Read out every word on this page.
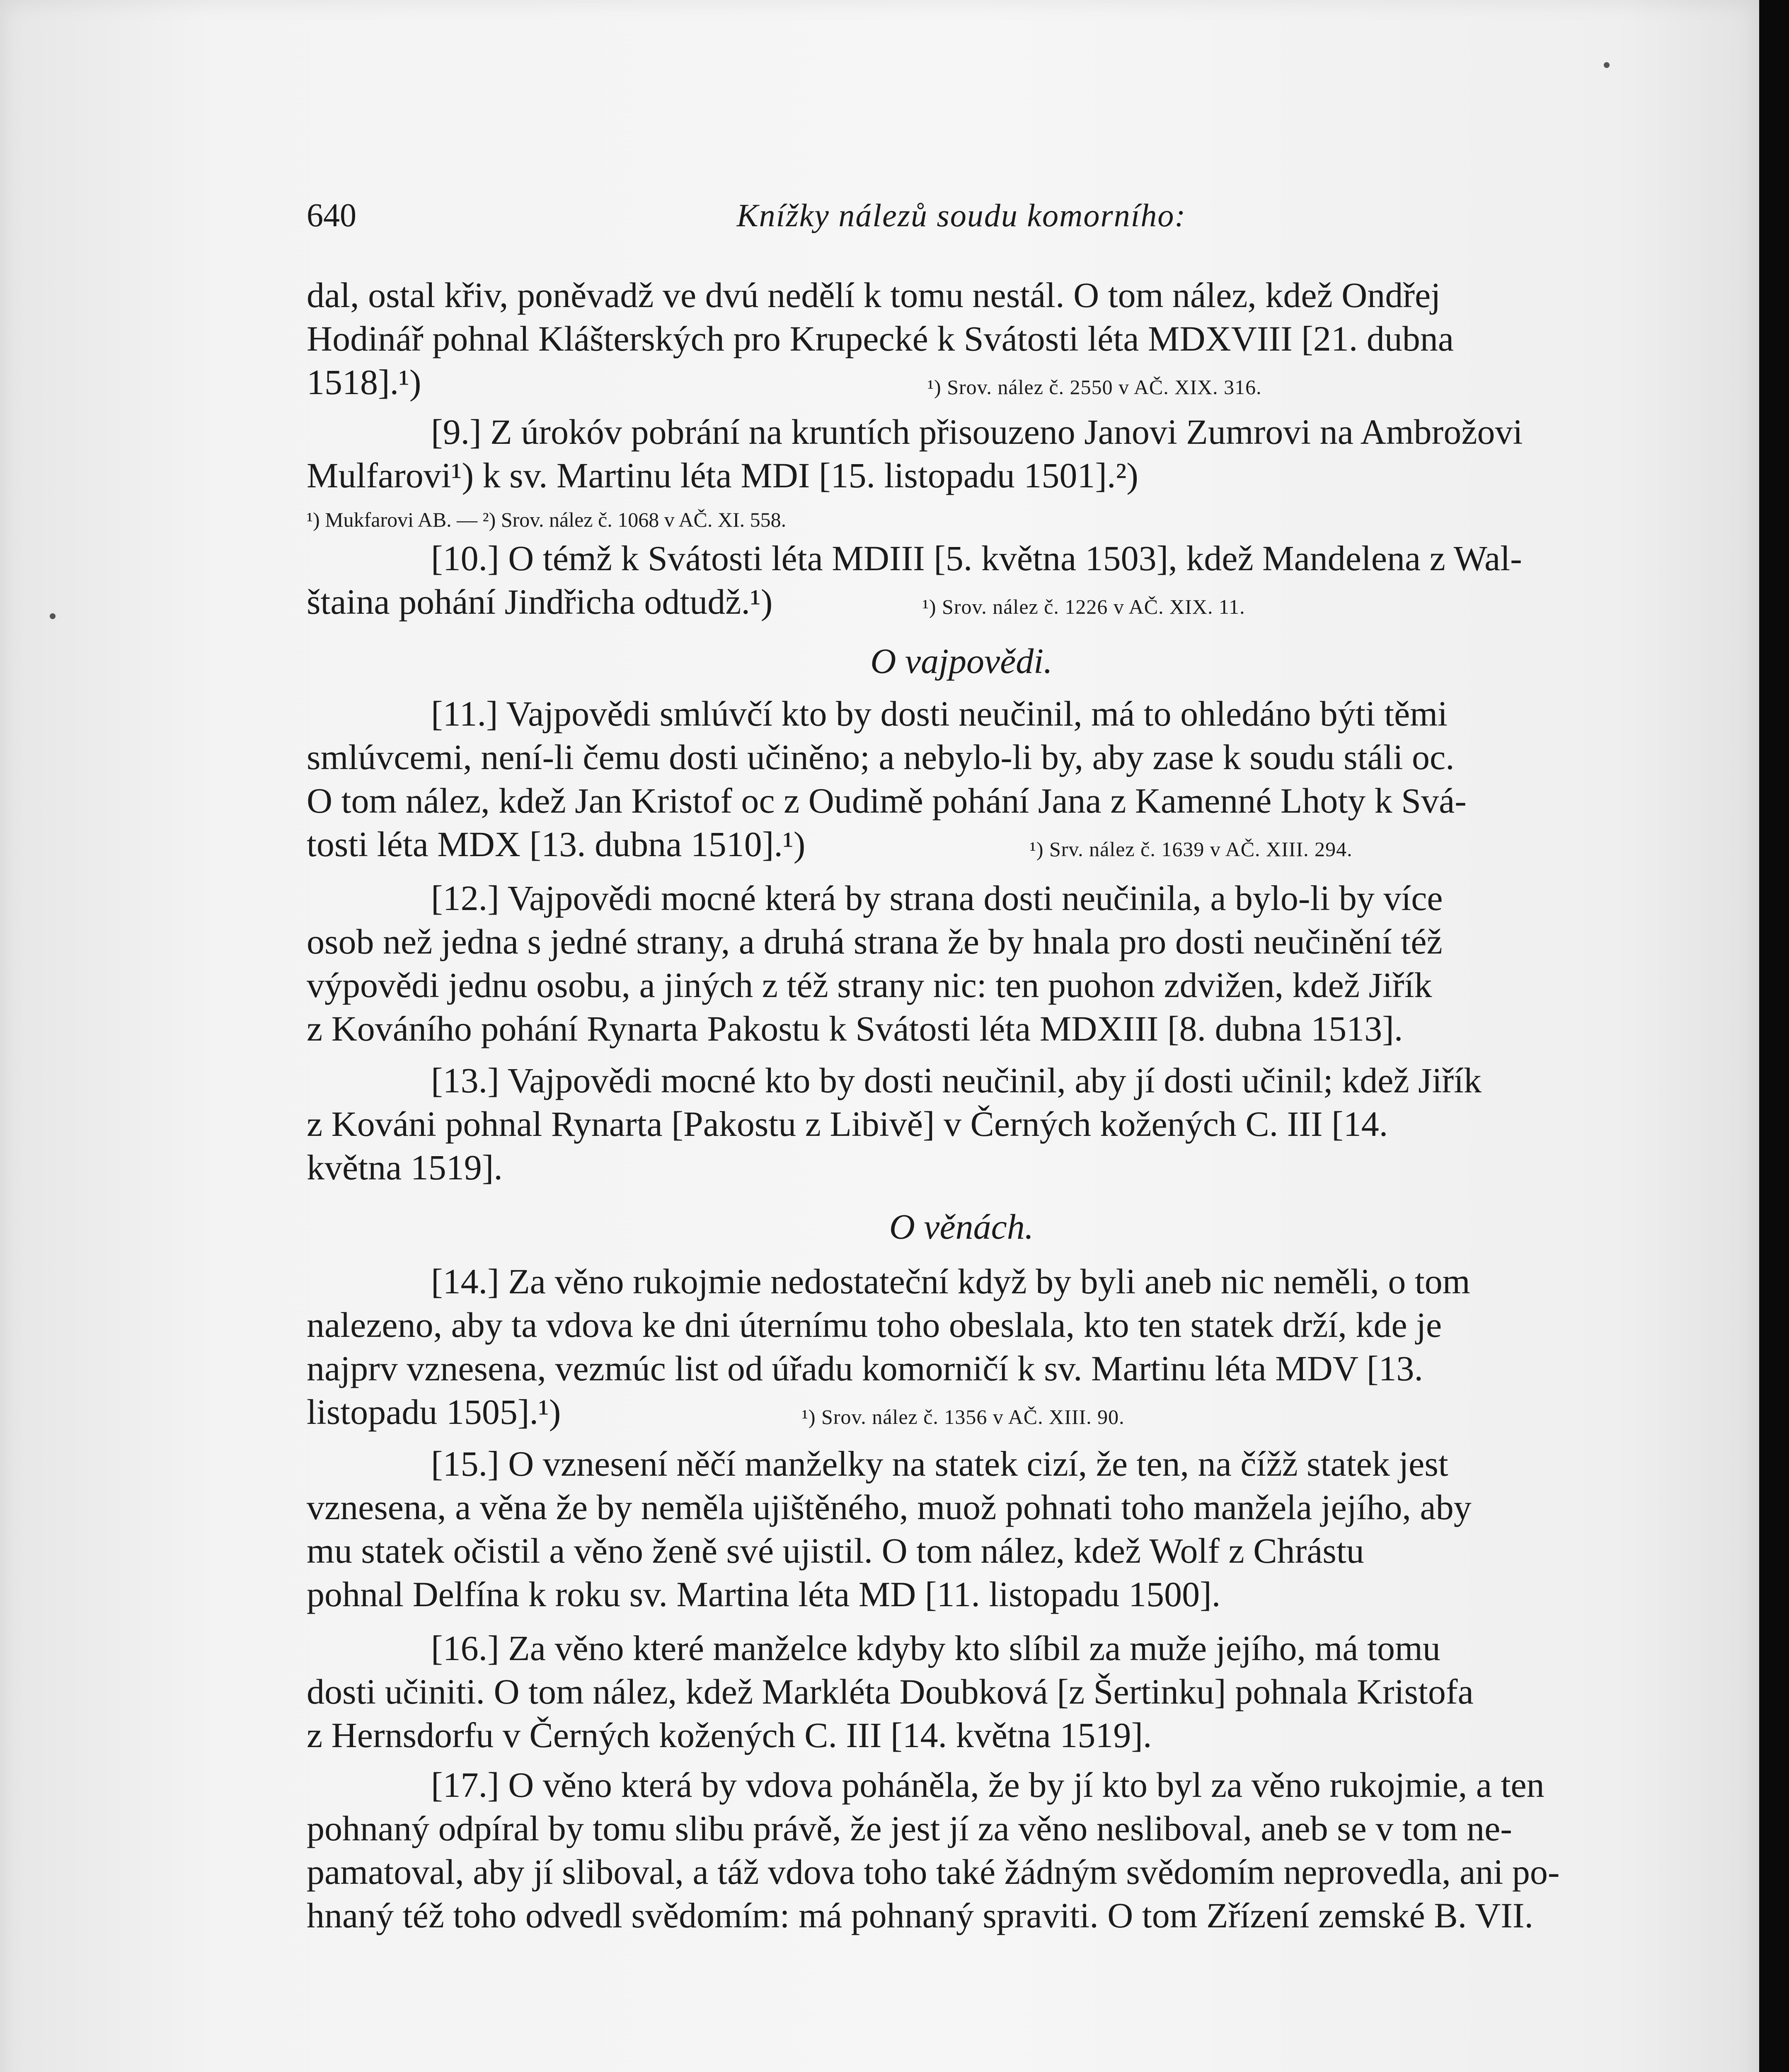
640	Knížky nálezů soudu komorního:
dal, ostal křiv, poněvadž ve dvú nedělí k tomu nestál. O tom nález, kdež Ondřej
Hodinář pohnal Klášterských pro Krupecké k Svátosti léta MDXVIII [21. dubna
1518].¹)	¹) Srov. nález č. 2550 v AČ. XIX. 316.
[9.] Z úrokóv pobrání na kruntích přisouzeno Janovi Zumrovi na Ambrožovi
Mulfarovi¹) k sv. Martinu léta MDI [15. listopadu 1501].²)
¹) Mukfarovi AB. — ²) Srov. nález č. 1068 v AČ. XI. 558.
[10.] O témž k Svátosti léta MDIII [5. května 1503], kdež Mandelena z Wal-
štaina pohání Jindřicha odtudž.¹)	¹) Srov. nález č. 1226 v AČ. XIX. 11.
O vajpovědi.
[11.] Vajpovědi smlúvčí kto by dosti neučinil, má to ohledáno býti těmi
smlúvcemi, není-li čemu dosti učiněno; a nebylo-li by, aby zase k soudu stáli oc.
O tom nález, kdež Jan Kristof oc z Oudimě pohání Jana z Kamenné Lhoty k Svá-
tosti léta MDX [13. dubna 1510].¹)	¹) Srv. nález č. 1639 v AČ. XIII. 294.
[12.] Vajpovědi mocné která by strana dosti neučinila, a bylo-li by více
osob než jedna s jedné strany, a druhá strana že by hnala pro dosti neučinění též
výpovědi jednu osobu, a jiných z též strany nic: ten puohon zdvižen, kdež Jiřík
z Kováního pohání Rynarta Pakostu k Svátosti léta MDXIII [8. dubna 1513].
[13.] Vajpovědi mocné kto by dosti neučinil, aby jí dosti učinil; kdež Jiřík
z Kováni pohnal Rynarta [Pakostu z Libivě] v Černých kožených C. III [14.
května 1519].
O věnách.
[14.] Za věno rukojmie nedostateční když by byli aneb nic neměli, o tom
nalezeno, aby ta vdova ke dni úternímu toho obeslala, kto ten statek drží, kde je
najprv vznesena, vezmúc list od úřadu komorničí k sv. Martinu léta MDV [13.
listopadu 1505].¹)	¹) Srov. nález č. 1356 v AČ. XIII. 90.
[15.] O vznesení něčí manželky na statek cizí, že ten, na čížž statek jest
vznesena, a věna že by neměla ujištěného, muož pohnati toho manžela jejího, aby
mu statek očistil a věno ženě své ujistil. O tom nález, kdež Wolf z Chrástu
pohnal Delfína k roku sv. Martina léta MD [11. listopadu 1500].
[16.] Za věno které manželce kdyby kto slíbil za muže jejího, má tomu
dosti učiniti. O tom nález, kdež Markléta Doubková [z Šertinku] pohnala Kristofa
z Hernsdorfu v Černých kožených C. III [14. května 1519].
[17.] O věno která by vdova poháněla, že by jí kto byl za věno rukojmie, a ten
pohnaný odpíral by tomu slibu právě, že jest jí za věno nesliboval, aneb se v tom ne-
pamatoval, aby jí sliboval, a táž vdova toho také žádným svědomím neprovedla, ani po-
hnaný též toho odvedl svědomím: má pohnaný spraviti. O tom Zřízení zemské B. VII.
